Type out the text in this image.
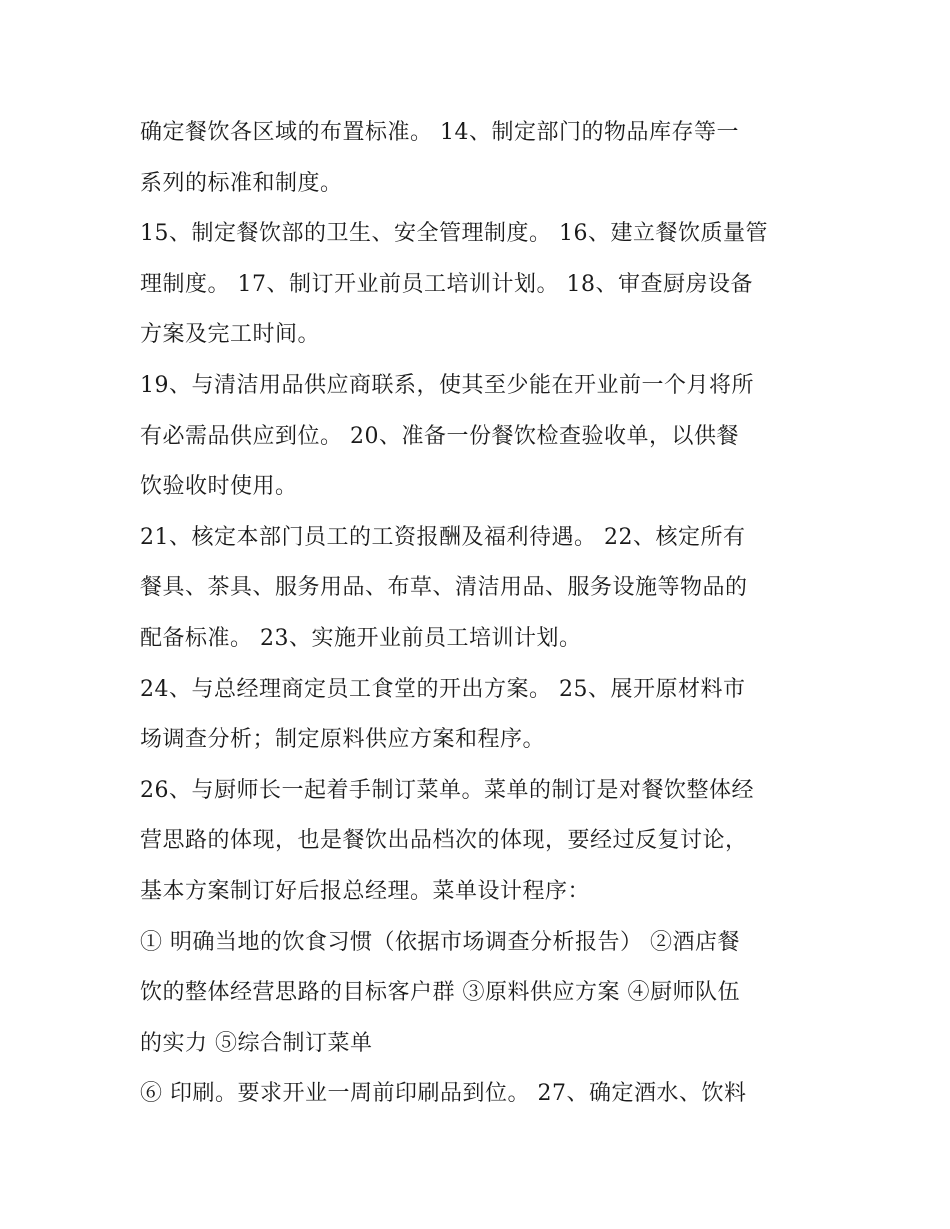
确定餐饮各区域的布置标准。 14、制定部门的物品库存等一
系列的标准和制度。
15、制定餐饮部的卫生、安全管理制度。 16、建立餐饮质量管
理制度。 17、制订开业前员工培训计划。 18、审查厨房设备
方案及完工时间。
19、与清洁用品供应商联系，使其至少能在开业前一个月将所
有必需品供应到位。 20、准备一份餐饮检查验收单，以供餐
饮验收时使用。
21、核定本部门员工的工资报酬及福利待遇。 22、核定所有
餐具、茶具、服务用品、布草、清洁用品、服务设施等物品的
配备标准。 23、实施开业前员工培训计划。
24、与总经理商定员工食堂的开出方案。 25、展开原材料市
场调查分析；制定原料供应方案和程序。
26、与厨师长一起着手制订菜单。菜单的制订是对餐饮整体经
营思路的体现，也是餐饮出品档次的体现，要经过反复讨论，
基本方案制订好后报总经理。菜单设计程序：
① 明确当地的饮食习惯（依据市场调查分析报告） ②酒店餐
饮的整体经营思路的目标客户群 ③原料供应方案 ④厨师队伍
的实力 ⑤综合制订菜单
⑥ 印刷。要求开业一周前印刷品到位。 27、确定酒水、饮料
